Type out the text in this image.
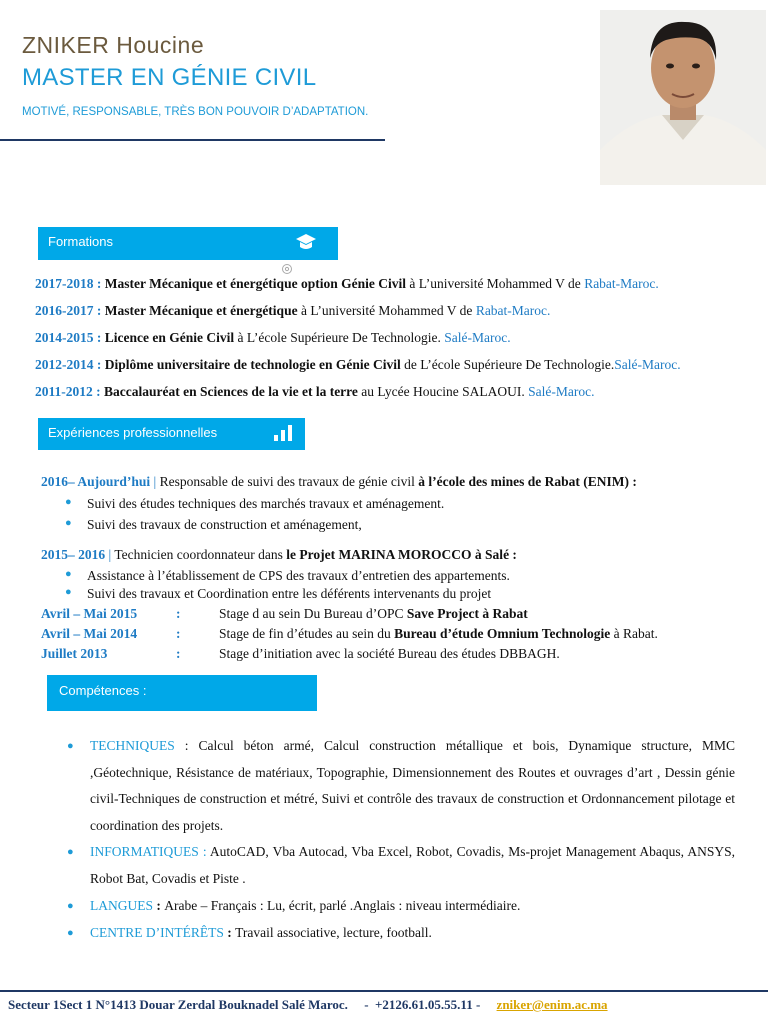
ZNIKER Houcine
MASTER EN GÉNIE CIVIL
MOTIVÉ, RESPONSABLE, TRÈS BON POUVOIR D’ADAPTATION.
Formations
2017-2018 : Master Mécanique et énergétique option Génie Civil à L’université Mohammed V de Rabat-Maroc.
2016-2017 : Master Mécanique et énergétique à L’université Mohammed V de Rabat-Maroc.
2014-2015 : Licence en Génie Civil à L’école Supérieure De Technologie. Salé-Maroc.
2012-2014 : Diplôme universitaire de technologie en Génie Civil de L’école Supérieure De Technologie.Salé-Maroc.
2011-2012 : Baccalauréat en Sciences de la vie et la terre au Lycée Houcine SALAOUI. Salé-Maroc.
Expériences professionnelles
2016– Aujourd’hui | Responsable de suivi des travaux de génie civil à l’école des mines de Rabat (ENIM) :
● Suivi des études techniques des marchés travaux et aménagement.
● Suivi des travaux de construction et aménagement,
2015– 2016 | Technicien coordonnateur dans le Projet MARINA MOROCCO à Salé :
● Assistance à l’établissement de CPS des travaux d’entretien des appartements.
● Suivi des travaux et Coordination entre les déférents intervenants du projet
Avril – Mai 2015	:	Stage d au sein Du Bureau d’OPC Save Project à Rabat
Avril – Mai 2014	:	Stage de fin d’études au sein du Bureau d’étude Omnium Technologie à Rabat.
Juillet 2013	:	Stage d’initiation avec la société Bureau des études DBBAGH.
Compétences :
● TECHNIQUES : Calcul béton armé, Calcul construction métallique et bois, Dynamique structure, MMC ,Géotechnique, Résistance de matériaux, Topographie, Dimensionnement des Routes et ouvrages d’art , Dessin génie civil-Techniques de construction et métré, Suivi et contrôle des travaux de construction et Ordonnancement pilotage et coordination des projets.
● INFORMATIQUES : AutoCAD, Vba Autocad, Vba Excel, Robot, Covadis, Ms-projet Management Abaqus, ANSYS, Robot Bat, Covadis et Piste .
● LANGUES : Arabe – Français : Lu, écrit, parlé .Anglais : niveau intermédiaire.
● CENTRE D’INTÉRÊTS : Travail associative, lecture, football.
Secteur 1Sect 1 N°1413 Douar Zerdal Bouknadel Salé Maroc.     -  +2126.61.05.55.11 -     zniker@enim.ac.ma
